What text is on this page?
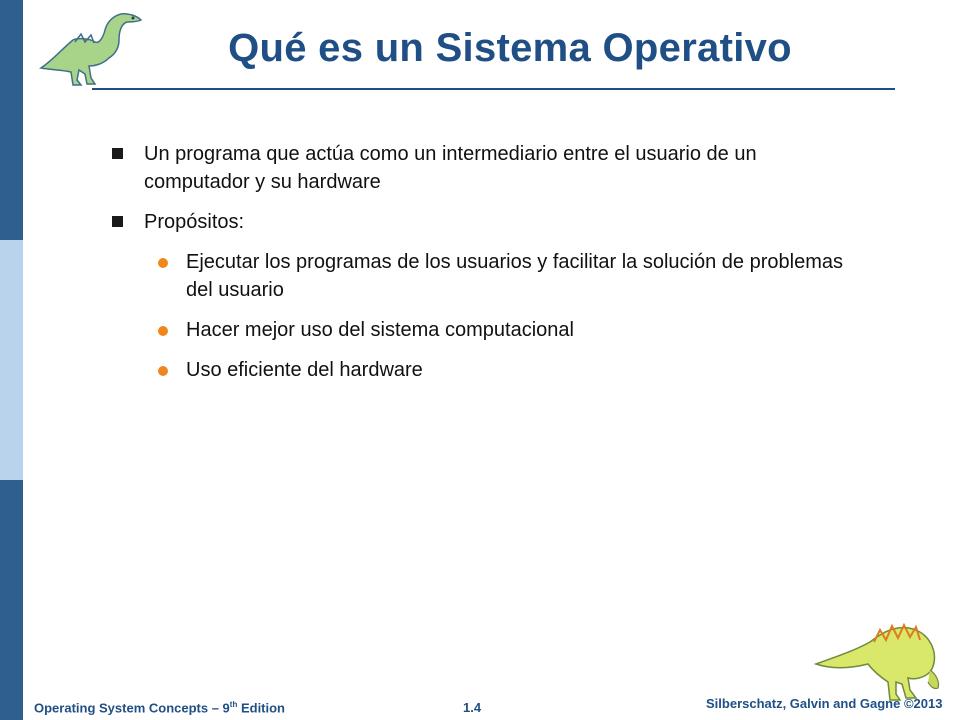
Qué es un Sistema Operativo
Un programa que actúa como un intermediario entre el usuario de un computador y su hardware
Propósitos:
Ejecutar los programas de los usuarios y facilitar la solución de problemas del usuario
Hacer mejor uso del sistema computacional
Uso eficiente del hardware
Operating System Concepts – 9th Edition	1.4	Silberschatz, Galvin and Gagne ©2013
